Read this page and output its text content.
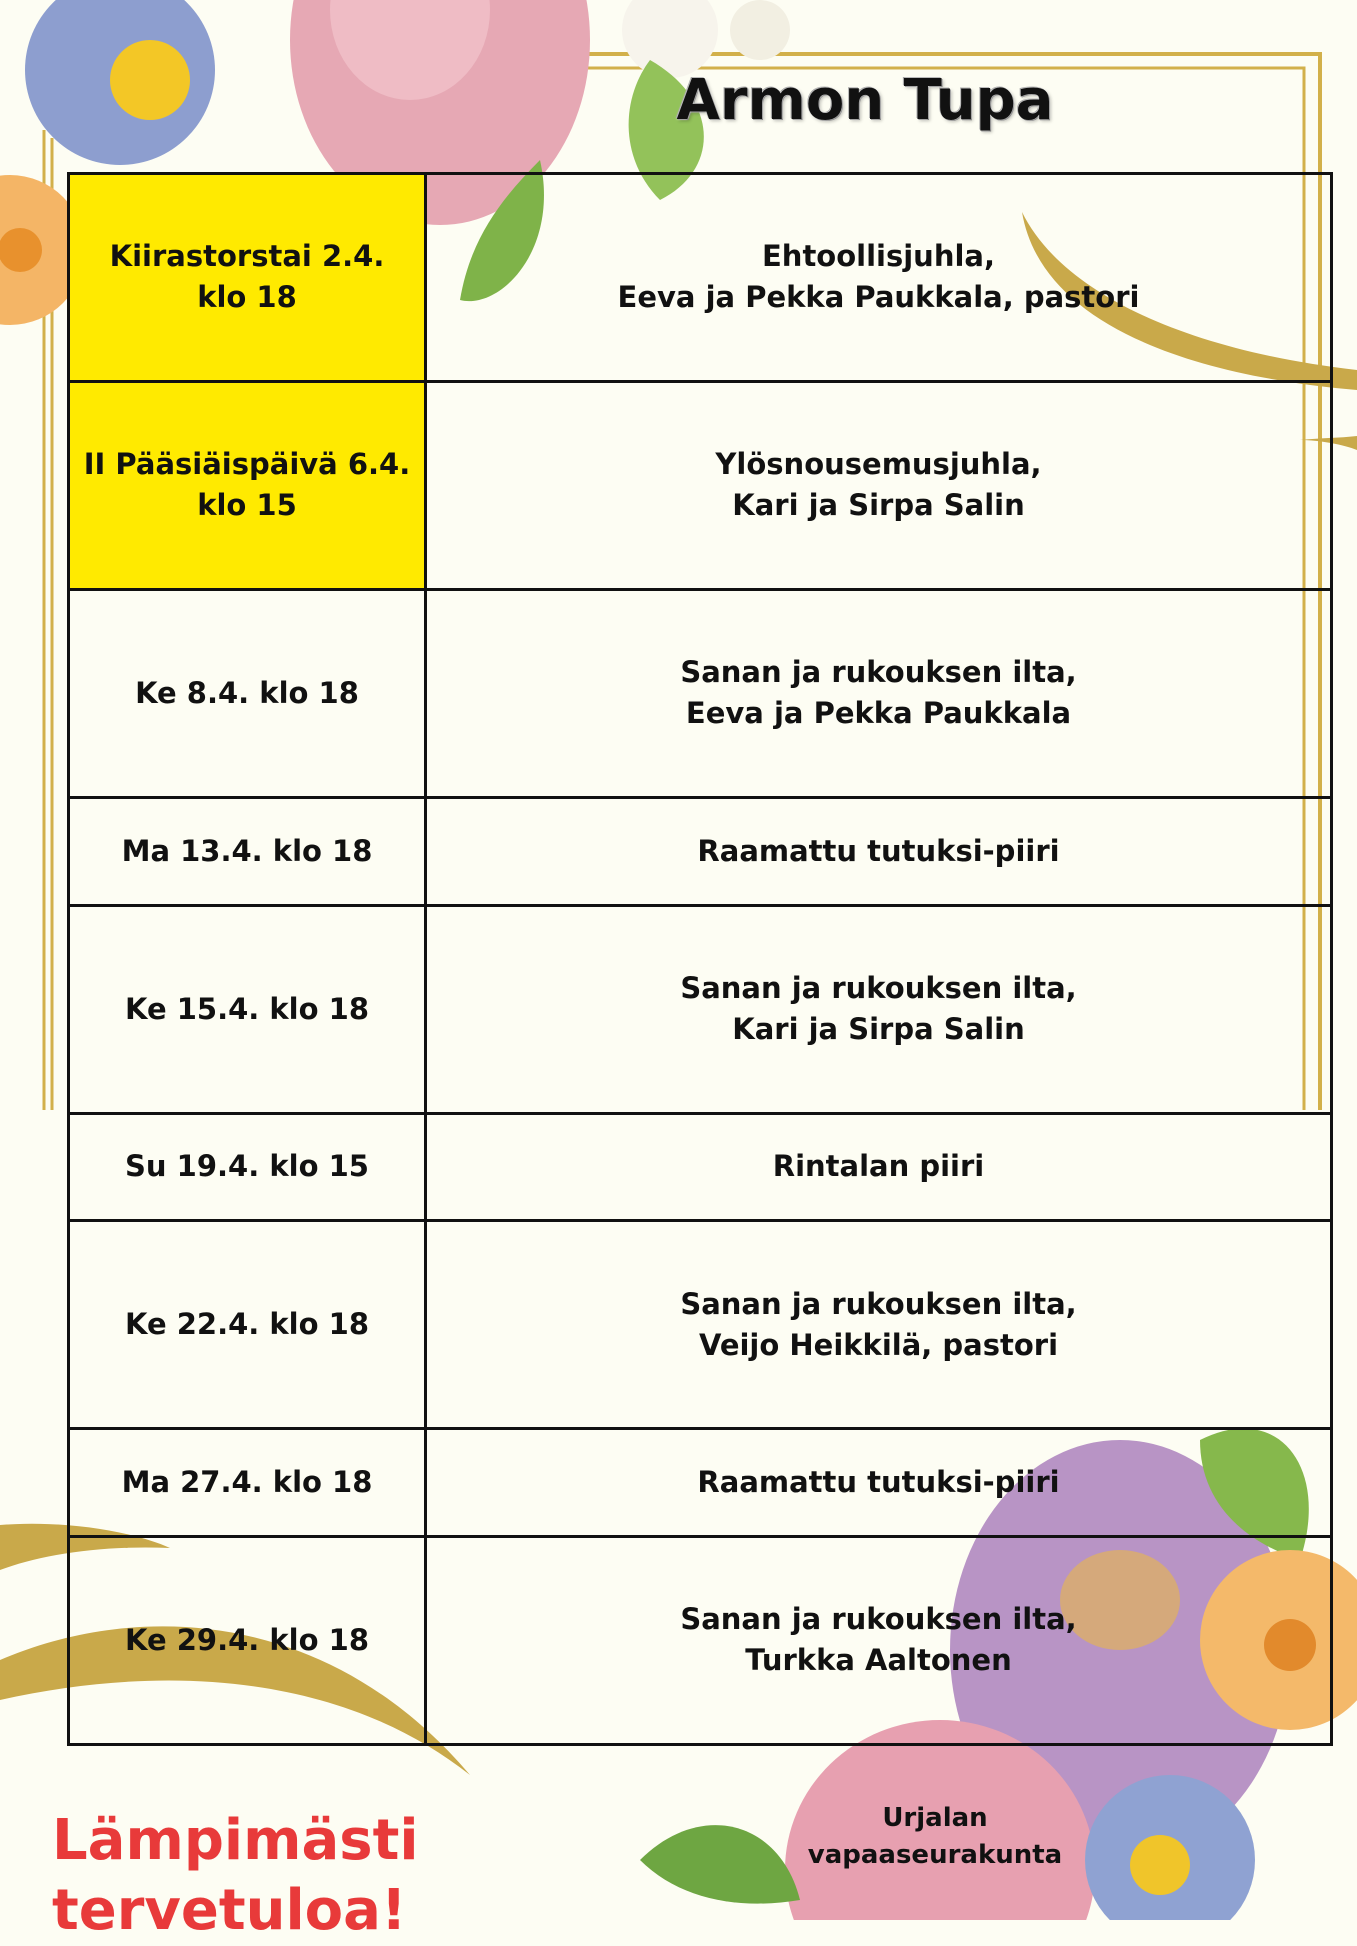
Armon Tupa
Kiirastorstai 2.4.
klo 18	Ehtoollisjuhla,
Eeva ja Pekka Paukkala, pastori

II Pääsiäispäivä 6.4.
klo 15	Ylösnousemusjuhla,
Kari ja Sirpa Salin

Ke 8.4. klo 18	Sanan ja rukouksen ilta,
Eeva ja Pekka Paukkala

Ma 13.4. klo 18	Raamattu tutuksi-piiri

Ke 15.4. klo 18	Sanan ja rukouksen ilta,
Kari ja Sirpa Salin

Su 19.4. klo 15	Rintalan piiri

Ke 22.4. klo 18	Sanan ja rukouksen ilta,
Veijo Heikkilä, pastori

Ma 27.4. klo 18	Raamattu tutuksi-piiri

Ke 29.4. klo 18	Sanan ja rukouksen ilta,
Turkka Aaltonen
Lämpimästi tervetuloa!
Urjalan
vapaaseurakunta
